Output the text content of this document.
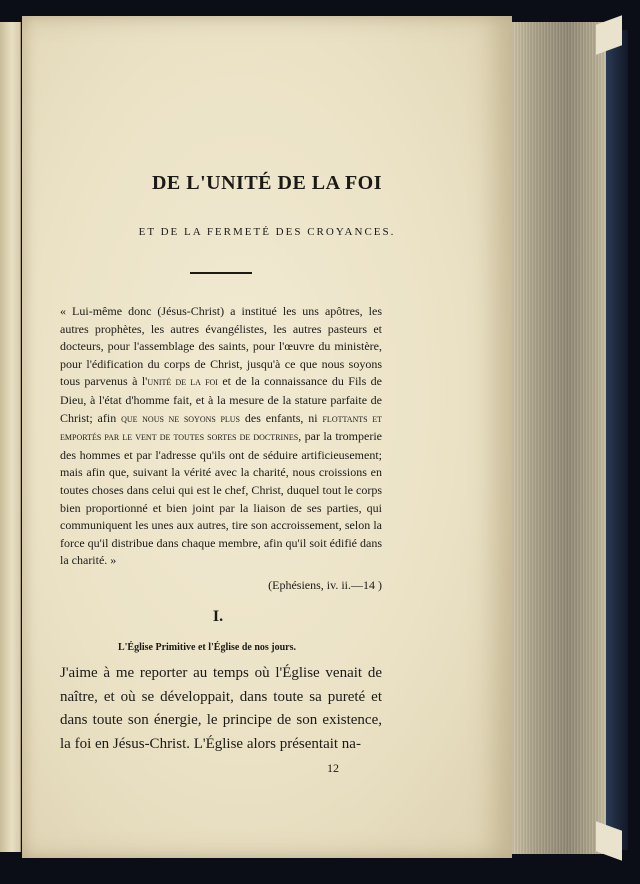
DE L'UNITÉ DE LA FOI

ET DE LA FERMETÉ DES CROYANCES.

« Lui-même donc (Jésus-Christ) a institué les uns apôtres, les autres prophètes, les autres évangélistes, les autres pasteurs et docteurs, pour l'assemblage des saints, pour l'œuvre du ministère, pour l'édification du corps de Christ, jusqu'à ce que nous soyons tous parvenus à l'unité de la foi et de la connaissance du Fils de Dieu, à l'état d'homme fait, et à la mesure de la stature parfaite de Christ; afin que nous ne soyons plus des enfants, ni flottants et emportés par le vent de toutes sortes de doctrines, par la tromperie des hommes et par l'adresse qu'ils ont de séduire artificieusement; mais afin que, suivant la vérité avec la charité, nous croissions en toutes choses dans celui qui est le chef, Christ, duquel tout le corps bien proportionné et bien joint par la liaison de ses parties, qui communiquent les unes aux autres, tire son accroissement, selon la force qu'il distribue dans chaque membre, afin qu'il soit édifié dans la charité. »

(Ephésiens, iv. ii.—14 )

I.

L'Église Primitive et l'Église de nos jours.

J'aime à me reporter au temps où l'Église venait de naître, et où se développait, dans toute sa pureté et dans toute son énergie, le principe de son existence, la foi en Jésus-Christ. L'Église alors présentait na-

12
